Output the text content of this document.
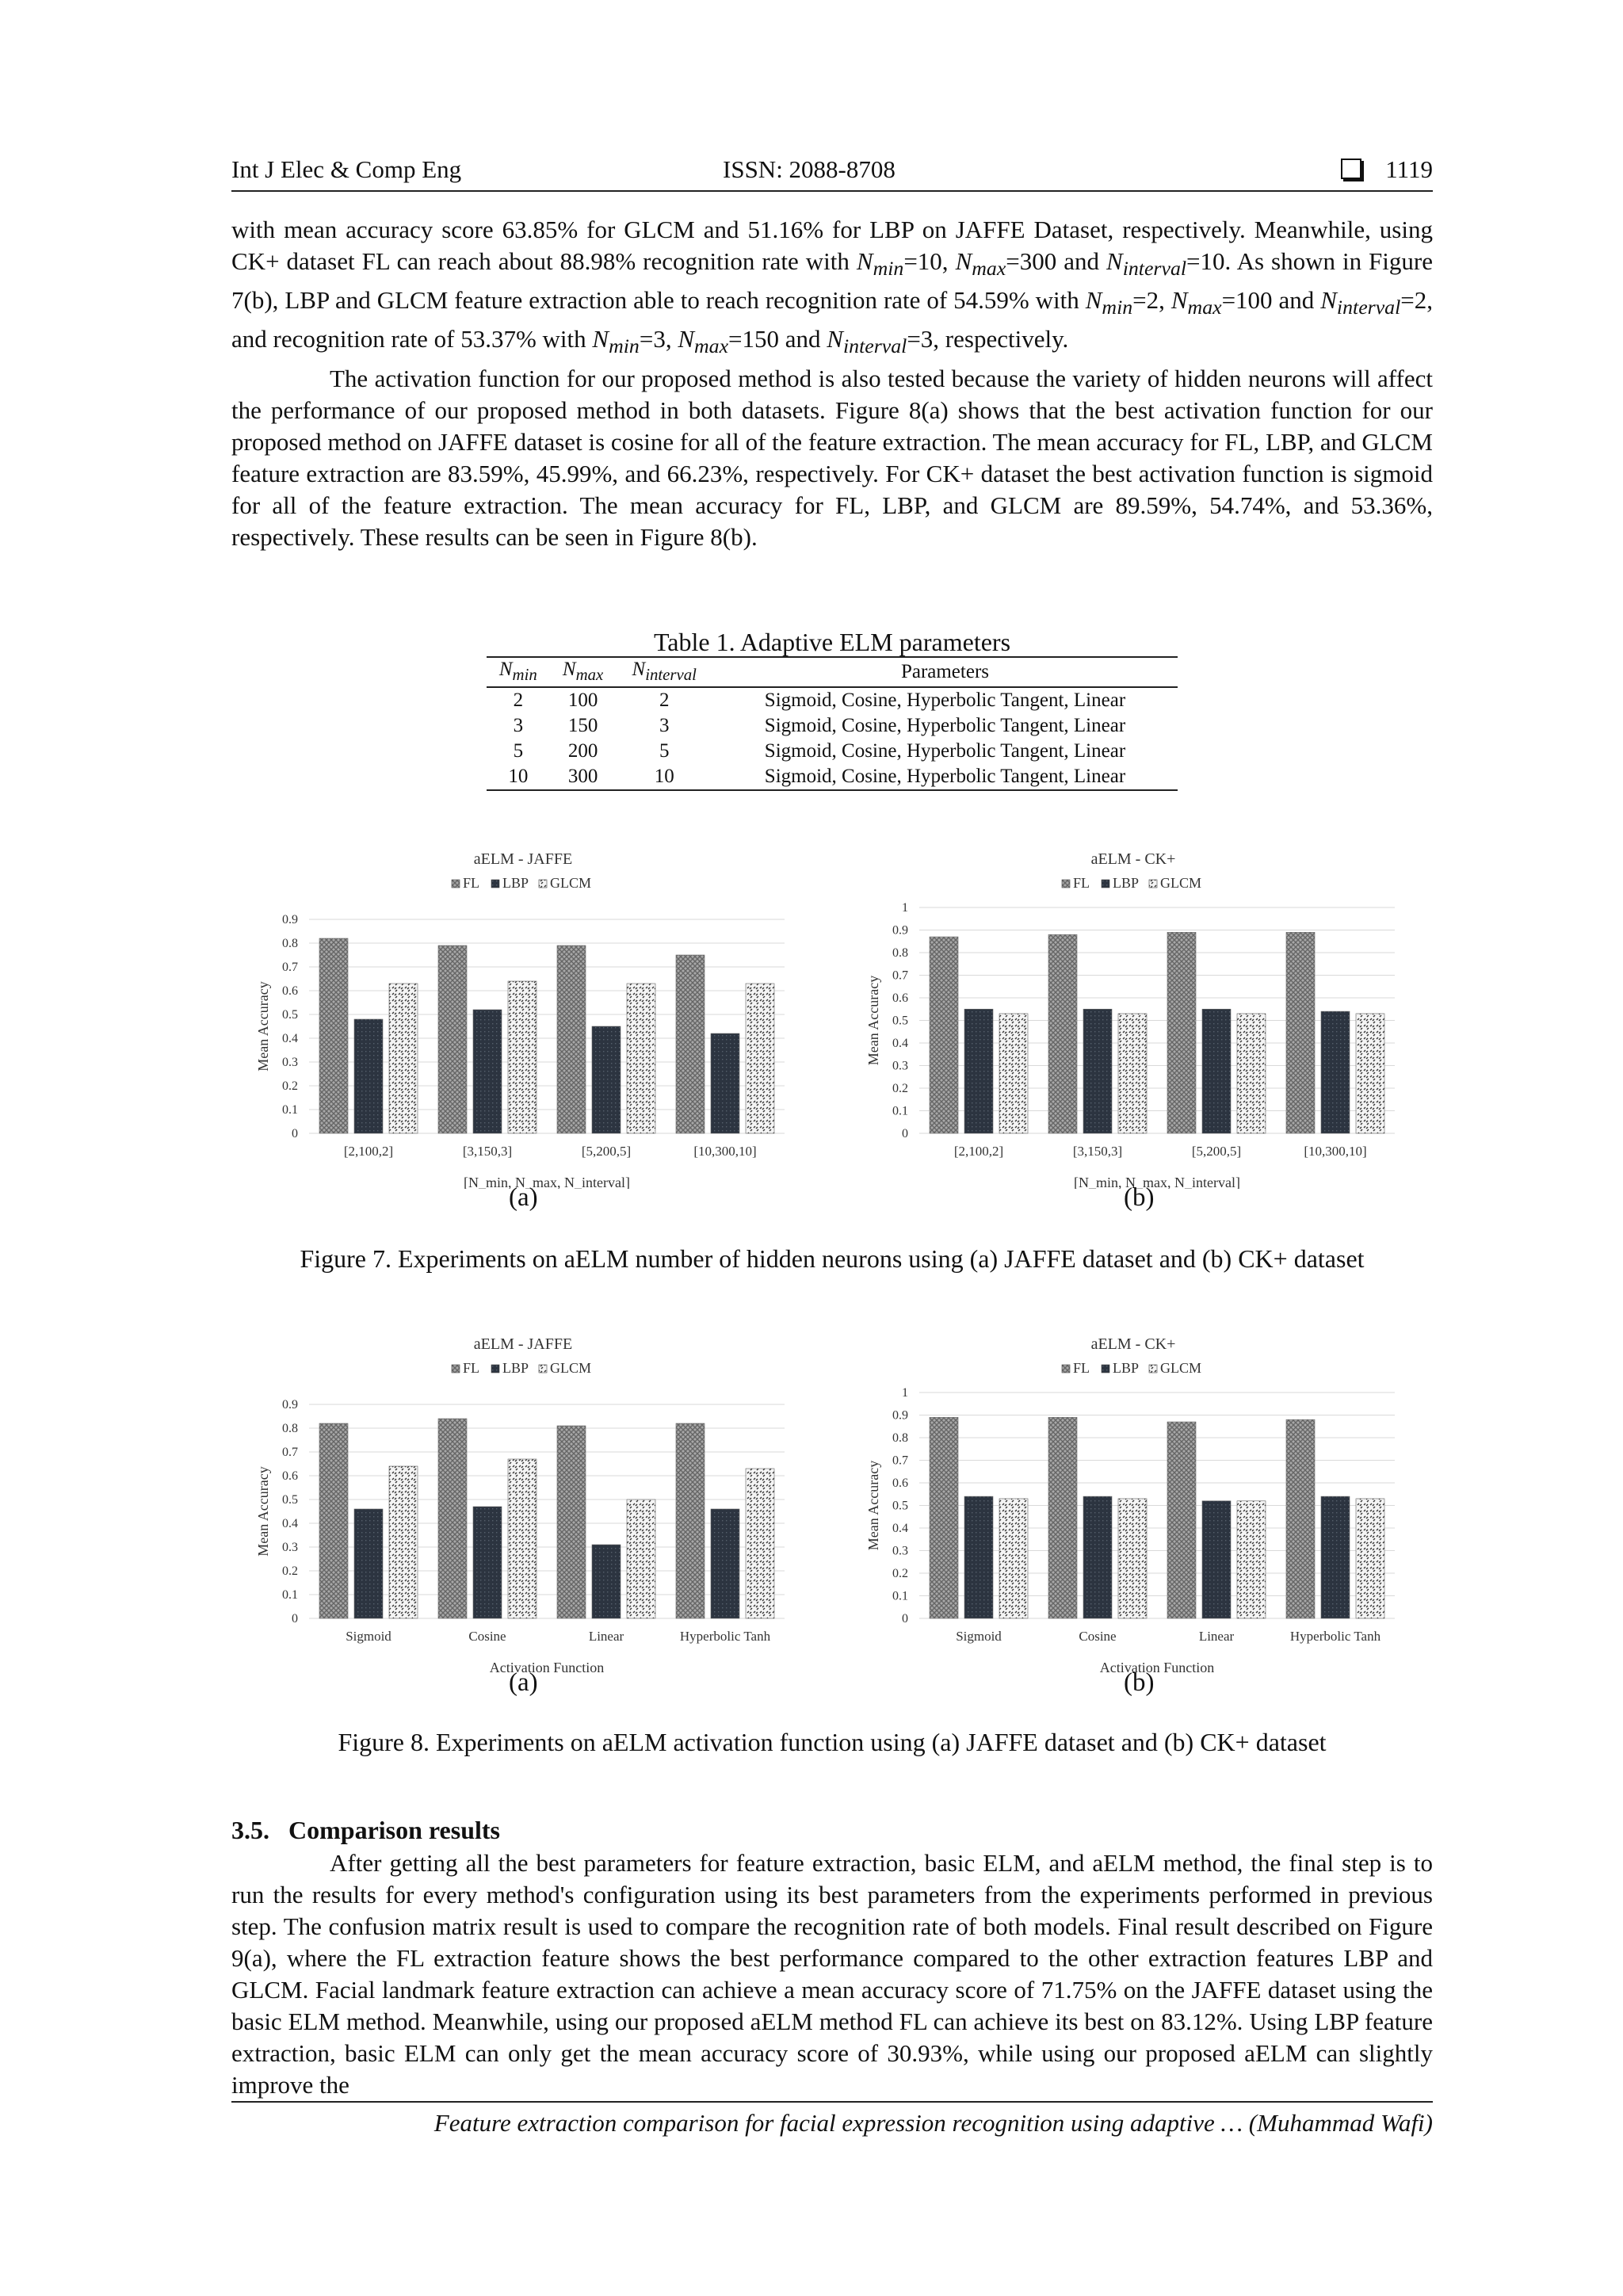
Int J Elec & Comp Eng	ISSN: 2088-8708	1119

with mean accuracy score 63.85% for GLCM and 51.16% for LBP on JAFFE Dataset, respectively. Meanwhile, using CK+ dataset FL can reach about 88.98% recognition rate with $N_{min}=10$, $N_{max}=300$ and $N_{interval}=10$. As shown in Figure 7(b), LBP and GLCM feature extraction able to reach recognition rate of 54.59% with $N_{min}=2$, $N_{max}=100$ and $N_{interval}=2$, and recognition rate of 53.37% with $N_{min}=3$, $N_{max}=150$ and $N_{interval}=3$, respectively.

The activation function for our proposed method is also tested because the variety of hidden neurons will affect the performance of our proposed method in both datasets. Figure 8(a) shows that the best activation function for our proposed method on JAFFE dataset is cosine for all of the feature extraction. The mean accuracy for FL, LBP, and GLCM feature extraction are 83.59%, 45.99%, and 66.23%, respectively. For CK+ dataset the best activation function is sigmoid for all of the feature extraction. The mean accuracy for FL, LBP, and GLCM are 89.59%, 54.74%, and 53.36%, respectively. These results can be seen in Figure 8(b).

Table 1. Adaptive ELM parameters
$N_{min}$	$N_{max}$	$N_{interval}$	Parameters
2	100	2	Sigmoid, Cosine, Hyperbolic Tangent, Linear
3	150	3	Sigmoid, Cosine, Hyperbolic Tangent, Linear
5	200	5	Sigmoid, Cosine, Hyperbolic Tangent, Linear
10	300	10	Sigmoid, Cosine, Hyperbolic Tangent, Linear
aELM - JAFFE
FL LBP GLCM
0
0.1
0.2
0.3
0.4
0.5
0.6
0.7
0.8
0.9
Mean Accuracy
[2,100,2]	[3,150,3]	[5,200,5]	[10,300,10]
[N_min, N_max, N_interval]
aELM - CK+
FL LBP GLCM
0
0.1
0.2
0.3
0.4
0.5
0.6
0.7
0.8
0.9
1
Mean Accuracy
[2,100,2]	[3,150,3]	[5,200,5]	[10,300,10]
[N_min, N_max, N_interval]
(a)	(b)
Figure 7. Experiments on aELM number of hidden neurons using (a) JAFFE dataset and (b) CK+ dataset
aELM - JAFFE
FL LBP GLCM
0
0.1
0.2
0.3
0.4
0.5
0.6
0.7
0.8
0.9
Mean Accuracy
Sigmoid	Cosine	Linear	Hyperbolic Tanh
Activation Function
aELM - CK+
FL LBP GLCM
0
0.1
0.2
0.3
0.4
0.5
0.6
0.7
0.8
0.9
1
Mean Accuracy
Sigmoid	Cosine	Linear	Hyperbolic Tanh
Activation Function
(a)	(b)
Figure 8. Experiments on aELM activation function using (a) JAFFE dataset and (b) CK+ dataset
3.5.  Comparison results

After getting all the best parameters for feature extraction, basic ELM, and aELM method, the final step is to run the results for every method's configuration using its best parameters from the experiments performed in previous step. The confusion matrix result is used to compare the recognition rate of both models. Final result described on Figure 9(a), where the FL extraction feature shows the best performance compared to the other extraction features LBP and GLCM. Facial landmark feature extraction can achieve a mean accuracy score of 71.75% on the JAFFE dataset using the basic ELM method. Meanwhile, using our proposed aELM method FL can achieve its best on 83.12%. Using LBP feature extraction, basic ELM can only get the mean accuracy score of 30.93%, while using our proposed aELM can slightly improve the

Feature extraction comparison for facial expression recognition using adaptive … (Muhammad Wafi)
